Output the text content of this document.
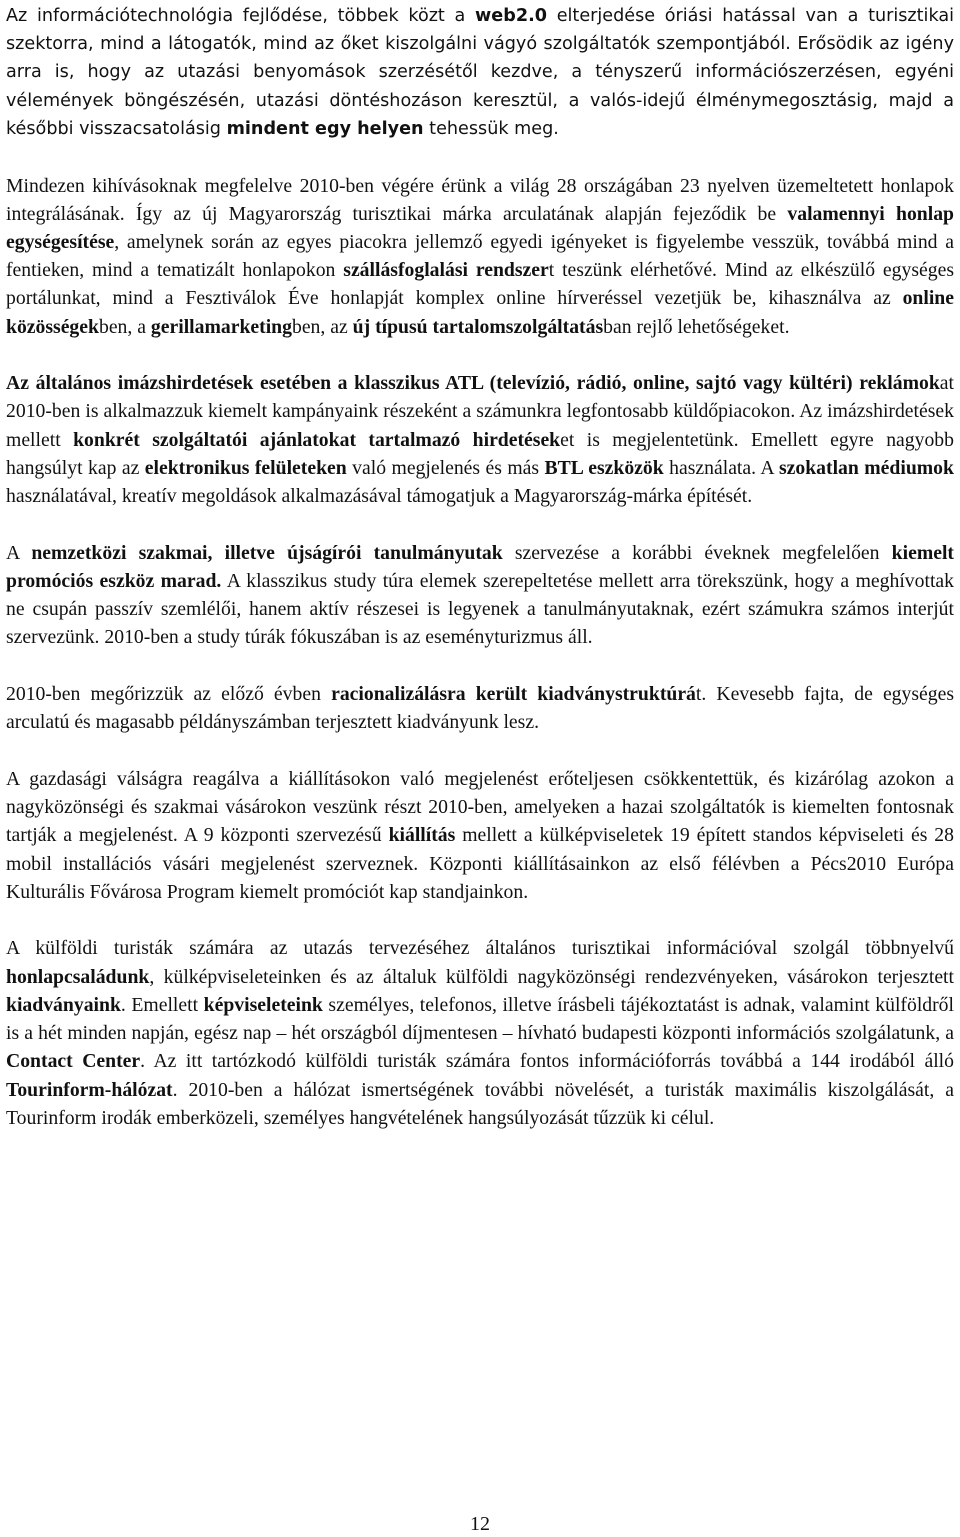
Az információtechnológia fejlődése, többek közt a web2.0 elterjedése óriási hatással van a turisztikai szektorra, mind a látogatók, mind az őket kiszolgálni vágyó szolgáltatók szempontjából. Erősödik az igény arra is, hogy az utazási benyomások szerzésétől kezdve, a tényszerű információszerzésen, egyéni vélemények böngészésén, utazási döntéshozáson keresztül, a valós-idejű élménymegosztásig, majd a későbbi visszacsatolásig mindent egy helyen tehessük meg.

Mindezen kihívásoknak megfelelve 2010-ben végére érünk a világ 28 országában 23 nyelven üzemeltetett honlapok integrálásának. Így az új Magyarország turisztikai márka arculatának alapján fejeződik be valamennyi honlap egységesítése, amelynek során az egyes piacokra jellemző egyedi igényeket is figyelembe vesszük, továbbá mind a fentieken, mind a tematizált honlapokon szállásfoglalási rendszert teszünk elérhetővé. Mind az elkészülő egységes portálunkat, mind a Fesztiválok Éve honlapját komplex online hírveréssel vezetjük be, kihasználva az online közösségekben, a gerillamarketingben, az új típusú tartalomszolgáltatásban rejlő lehetőségeket.

Az általános imázshirdetések esetében a klasszikus ATL (televízió, rádió, online, sajtó vagy kültéri) reklámokat 2010-ben is alkalmazzuk kiemelt kampányaink részeként a számunkra legfontosabb küldőpiacokon. Az imázshirdetések mellett konkrét szolgáltatói ajánlatokat tartalmazó hirdetéseket is megjelentetünk. Emellett egyre nagyobb hangsúlyt kap az elektronikus felületeken való megjelenés és más BTL eszközök használata. A szokatlan médiumok használatával, kreatív megoldások alkalmazásával támogatjuk a Magyarország-márka építését.

A nemzetközi szakmai, illetve újságírói tanulmányutak szervezése a korábbi éveknek megfelelően kiemelt promóciós eszköz marad. A klasszikus study túra elemek szerepeltetése mellett arra törekszünk, hogy a meghívottak ne csupán passzív szemlélői, hanem aktív részesei is legyenek a tanulmányutaknak, ezért számukra számos interjút szervezünk. 2010-ben a study túrák fókuszában is az eseményturizmus áll.

2010-ben megőrizzük az előző évben racionalizálásra került kiadványstruktúrát. Kevesebb fajta, de egységes arculatú és magasabb példányszámban terjesztett kiadványunk lesz.

A gazdasági válságra reagálva a kiállításokon való megjelenést erőteljesen csökkentettük, és kizárólag azokon a nagyközönségi és szakmai vásárokon veszünk részt 2010-ben, amelyeken a hazai szolgáltatók is kiemelten fontosnak tartják a megjelenést. A 9 központi szervezésű kiállítás mellett a külképviseletek 19 épített standos képviseleti és 28 mobil installációs vásári megjelenést szerveznek. Központi kiállításainkon az első félévben a Pécs2010 Európa Kulturális Fővárosa Program kiemelt promóciót kap standjainkon.

A külföldi turisták számára az utazás tervezéséhez általános turisztikai információval szolgál többnyelvű honlapcsaládunk, külképviseleteinken és az általuk külföldi nagyközönségi rendezvényeken, vásárokon terjesztett kiadványaink. Emellett képviseleteink személyes, telefonos, illetve írásbeli tájékoztatást is adnak, valamint külföldről is a hét minden napján, egész nap – hét országból díjmentesen – hívható budapesti központi információs szolgálatunk, a Contact Center. Az itt tartózkodó külföldi turisták számára fontos információforrás továbbá a 144 irodából álló Tourinform-hálózat. 2010-ben a hálózat ismertségének további növelését, a turisták maximális kiszolgálását, a Tourinform irodák emberközeli, személyes hangvételének hangsúlyozását tűzzük ki célul.

12
